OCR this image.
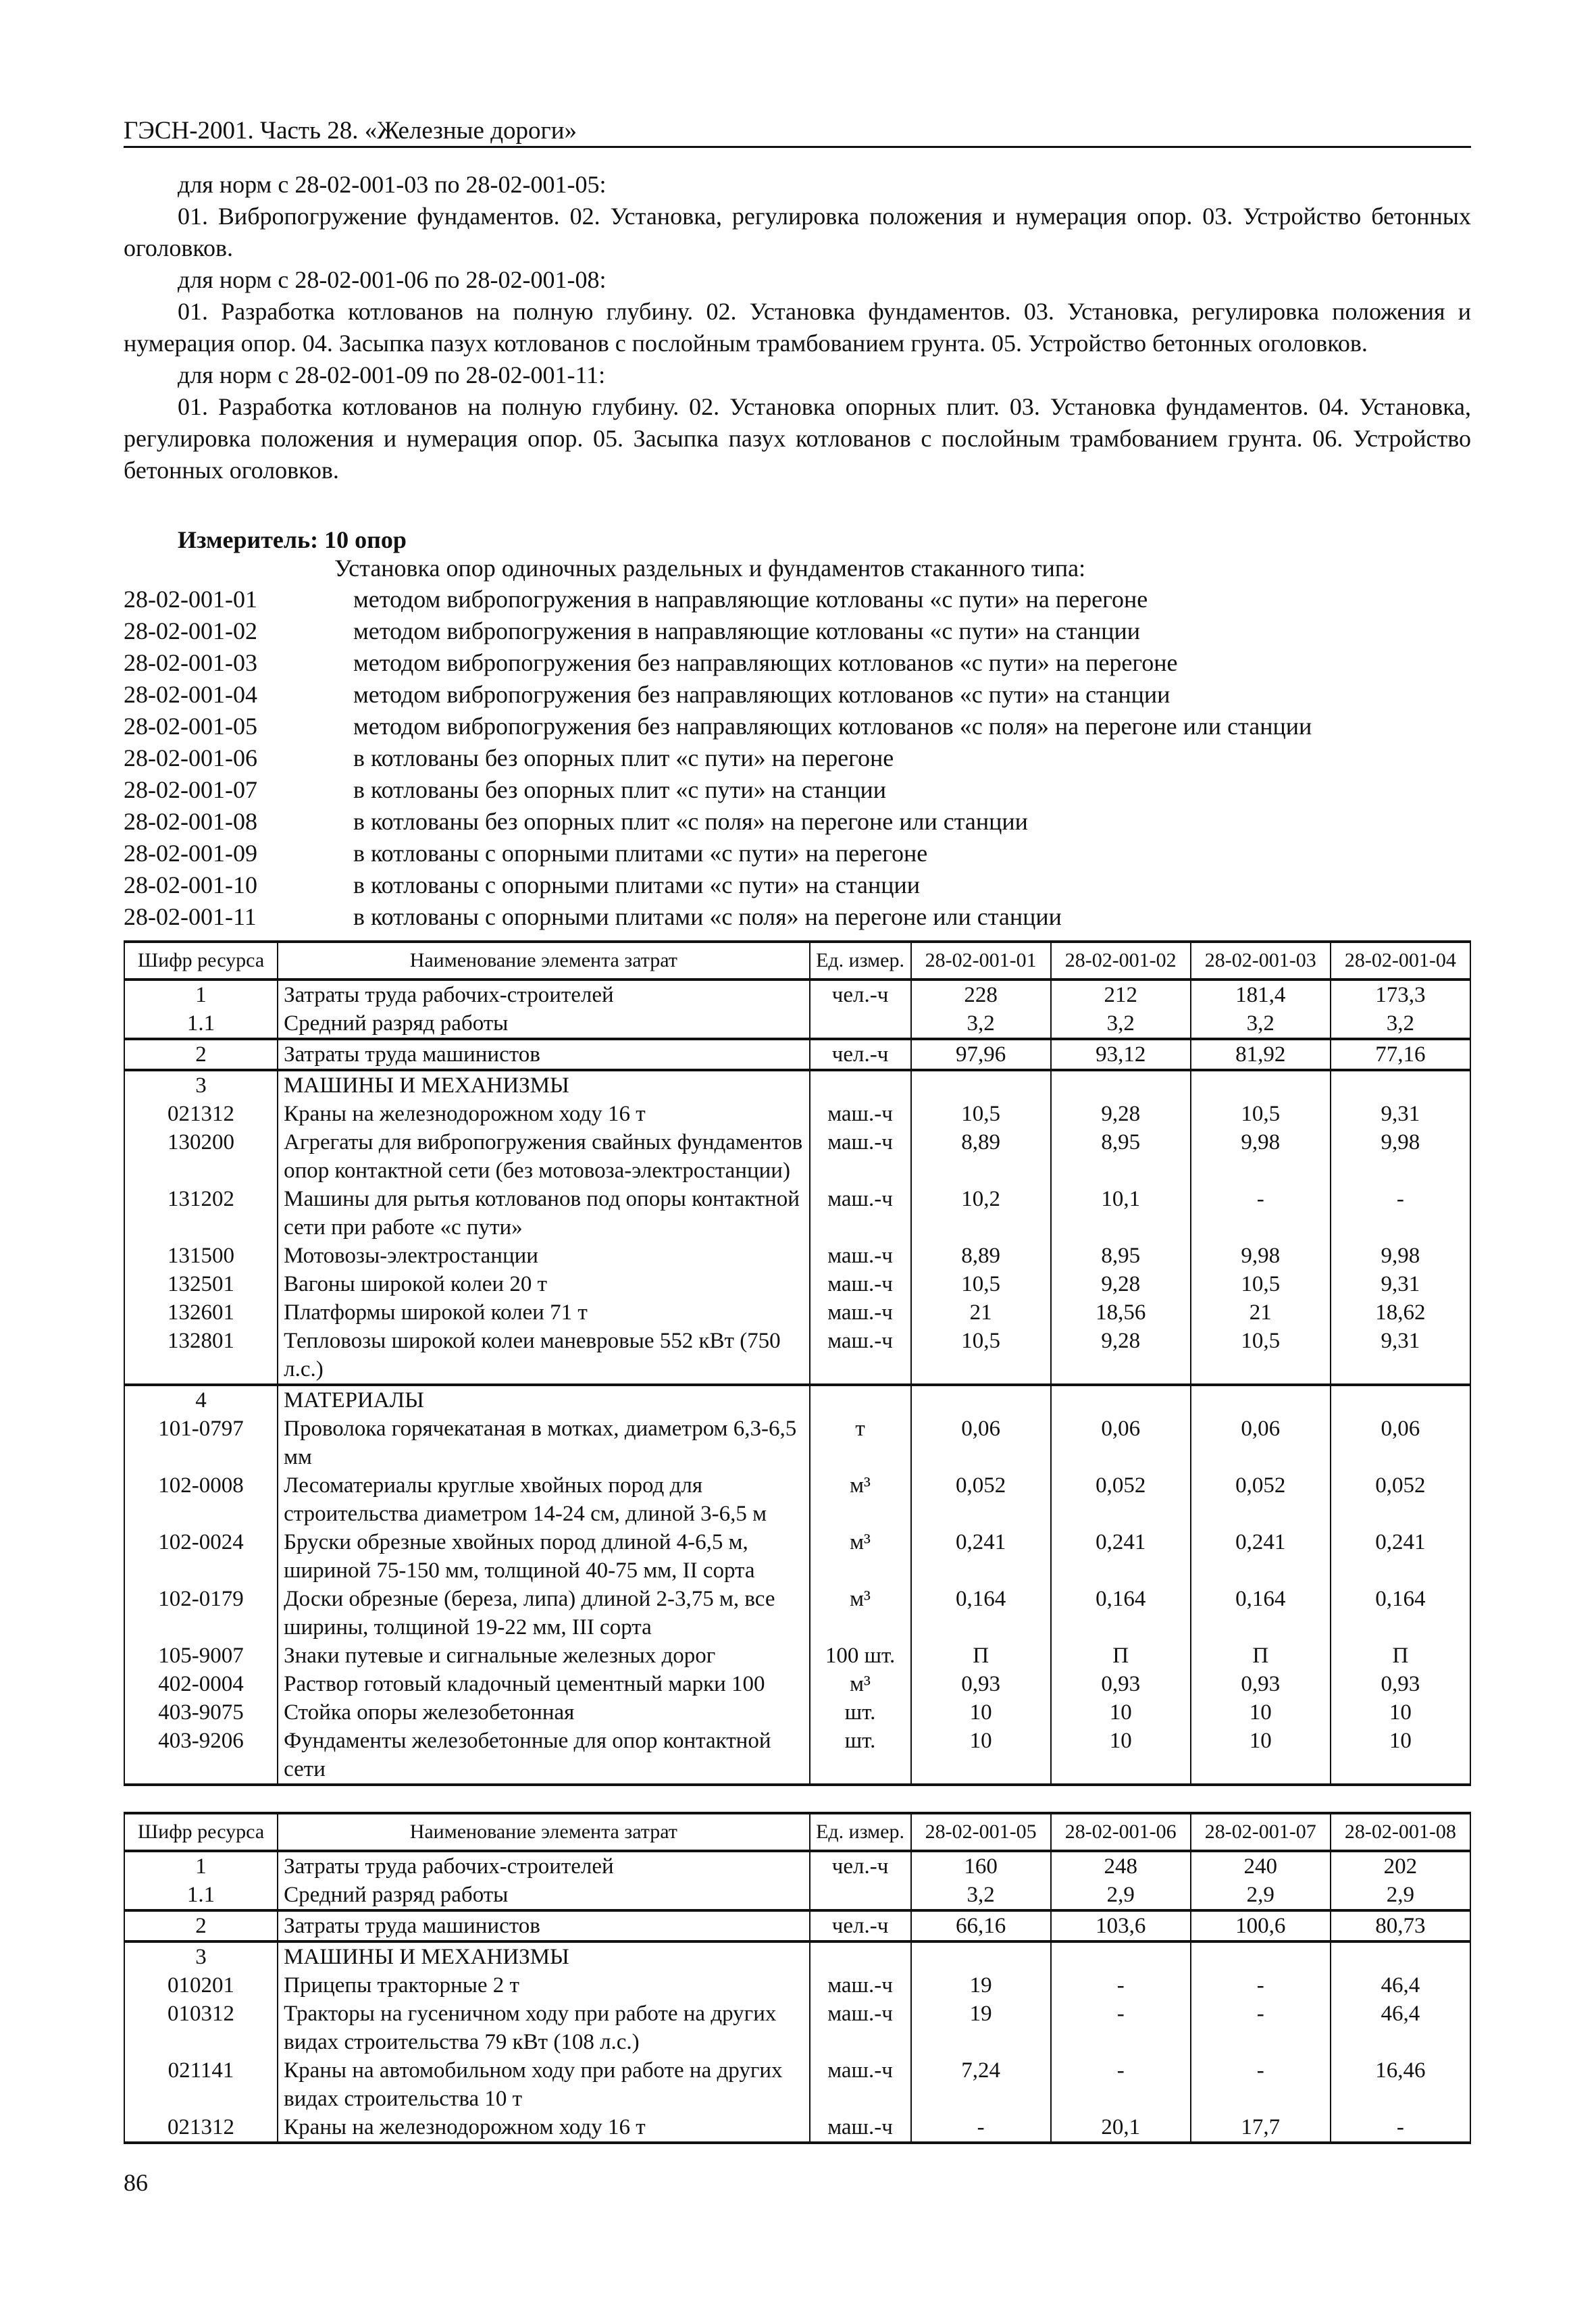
ГЭСН-2001. Часть 28. «Железные дороги»

для норм с 28-02-001-03 по 28-02-001-05:

01. Вибропогружение фундаментов. 02. Установка, регулировка положения и нумерация опор. 03. Устройство бетонных оголовков.

для норм с 28-02-001-06 по 28-02-001-08:

01. Разработка котлованов на полную глубину. 02. Установка фундаментов. 03. Установка, регулировка положения и нумерация опор. 04. Засыпка пазух котлованов с послойным трамбованием грунта. 05. Устройство бетонных оголовков.

для норм с 28-02-001-09 по 28-02-001-11:

01. Разработка котлованов на полную глубину. 02. Установка опорных плит. 03. Установка фундаментов. 04. Установка, регулировка положения и нумерация опор. 05. Засыпка пазух котлованов с послойным трамбованием грунта. 06. Устройство бетонных оголовков.

Измеритель: 10 опор
Установка опор одиночных раздельных и фундаментов стаканного типа:
28-02-001-01	методом вибропогружения в направляющие котлованы «с пути» на перегоне
28-02-001-02	методом вибропогружения в направляющие котлованы «с пути» на станции
28-02-001-03	методом вибропогружения без направляющих котлованов «с пути» на перегоне
28-02-001-04	методом вибропогружения без направляющих котлованов «с пути» на станции
28-02-001-05	методом вибропогружения без направляющих котлованов «с поля» на перегоне или станции
28-02-001-06	в котлованы без опорных плит «с пути» на перегоне
28-02-001-07	в котлованы без опорных плит «с пути» на станции
28-02-001-08	в котлованы без опорных плит «с поля» на перегоне или станции
28-02-001-09	в котлованы с опорными плитами «с пути» на перегоне
28-02-001-10	в котлованы с опорными плитами «с пути» на станции
28-02-001-11	в котлованы с опорными плитами «с поля» на перегоне или станции
Шифр ресурса	Наименование элемента затрат	Ед. измер.	28-02-001-01	28-02-001-02	28-02-001-03	28-02-001-04
1	Затраты труда рабочих-строителей	чел.-ч	228	212	181,4	173,3
1.1	Средний разряд работы		3,2	3,2	3,2	3,2
2	Затраты труда машинистов	чел.-ч	97,96	93,12	81,92	77,16
3	МАШИНЫ И МЕХАНИЗМЫ					
021312	Краны на железнодорожном ходу 16 т	маш.-ч	10,5	9,28	10,5	9,31
130200	Агрегаты для вибропогружения свайных фундаментов опор контактной сети (без мотовоза-электростанции)	маш.-ч	8,89	8,95	9,98	9,98
131202	Машины для рытья котлованов под опоры контактной сети при работе «с пути»	маш.-ч	10,2	10,1	-	-
131500	Мотовозы-электростанции	маш.-ч	8,89	8,95	9,98	9,98
132501	Вагоны широкой колеи 20 т	маш.-ч	10,5	9,28	10,5	9,31
132601	Платформы широкой колеи 71 т	маш.-ч	21	18,56	21	18,62
132801	Тепловозы широкой колеи маневровые 552 кВт (750 л.с.)	маш.-ч	10,5	9,28	10,5	9,31
4	МАТЕРИАЛЫ					
101-0797	Проволока горячекатаная в мотках, диаметром 6,3-6,5 мм	т	0,06	0,06	0,06	0,06
102-0008	Лесоматериалы круглые хвойных пород для строительства диаметром 14-24 см, длиной 3-6,5 м	м³	0,052	0,052	0,052	0,052
102-0024	Бруски обрезные хвойных пород длиной 4-6,5 м, шириной 75-150 мм, толщиной 40-75 мм, II сорта	м³	0,241	0,241	0,241	0,241
102-0179	Доски обрезные (береза, липа) длиной 2-3,75 м, все ширины, толщиной 19-22 мм, III сорта	м³	0,164	0,164	0,164	0,164
105-9007	Знаки путевые и сигнальные железных дорог	100 шт.	П	П	П	П
402-0004	Раствор готовый кладочный цементный марки 100	м³	0,93	0,93	0,93	0,93
403-9075	Стойка опоры железобетонная	шт.	10	10	10	10
403-9206	Фундаменты железобетонные для опор контактной сети	шт.	10	10	10	10
Шифр ресурса	Наименование элемента затрат	Ед. измер.	28-02-001-05	28-02-001-06	28-02-001-07	28-02-001-08
1	Затраты труда рабочих-строителей	чел.-ч	160	248	240	202
1.1	Средний разряд работы		3,2	2,9	2,9	2,9
2	Затраты труда машинистов	чел.-ч	66,16	103,6	100,6	80,73
3	МАШИНЫ И МЕХАНИЗМЫ					
010201	Прицепы тракторные 2 т	маш.-ч	19	-	-	46,4
010312	Тракторы на гусеничном ходу при работе на других видах строительства 79 кВт (108 л.с.)	маш.-ч	19	-	-	46,4
021141	Краны на автомобильном ходу при работе на других видах строительства 10 т	маш.-ч	7,24	-	-	16,46
021312	Краны на железнодорожном ходу 16 т	маш.-ч	-	20,1	17,7	-
86
